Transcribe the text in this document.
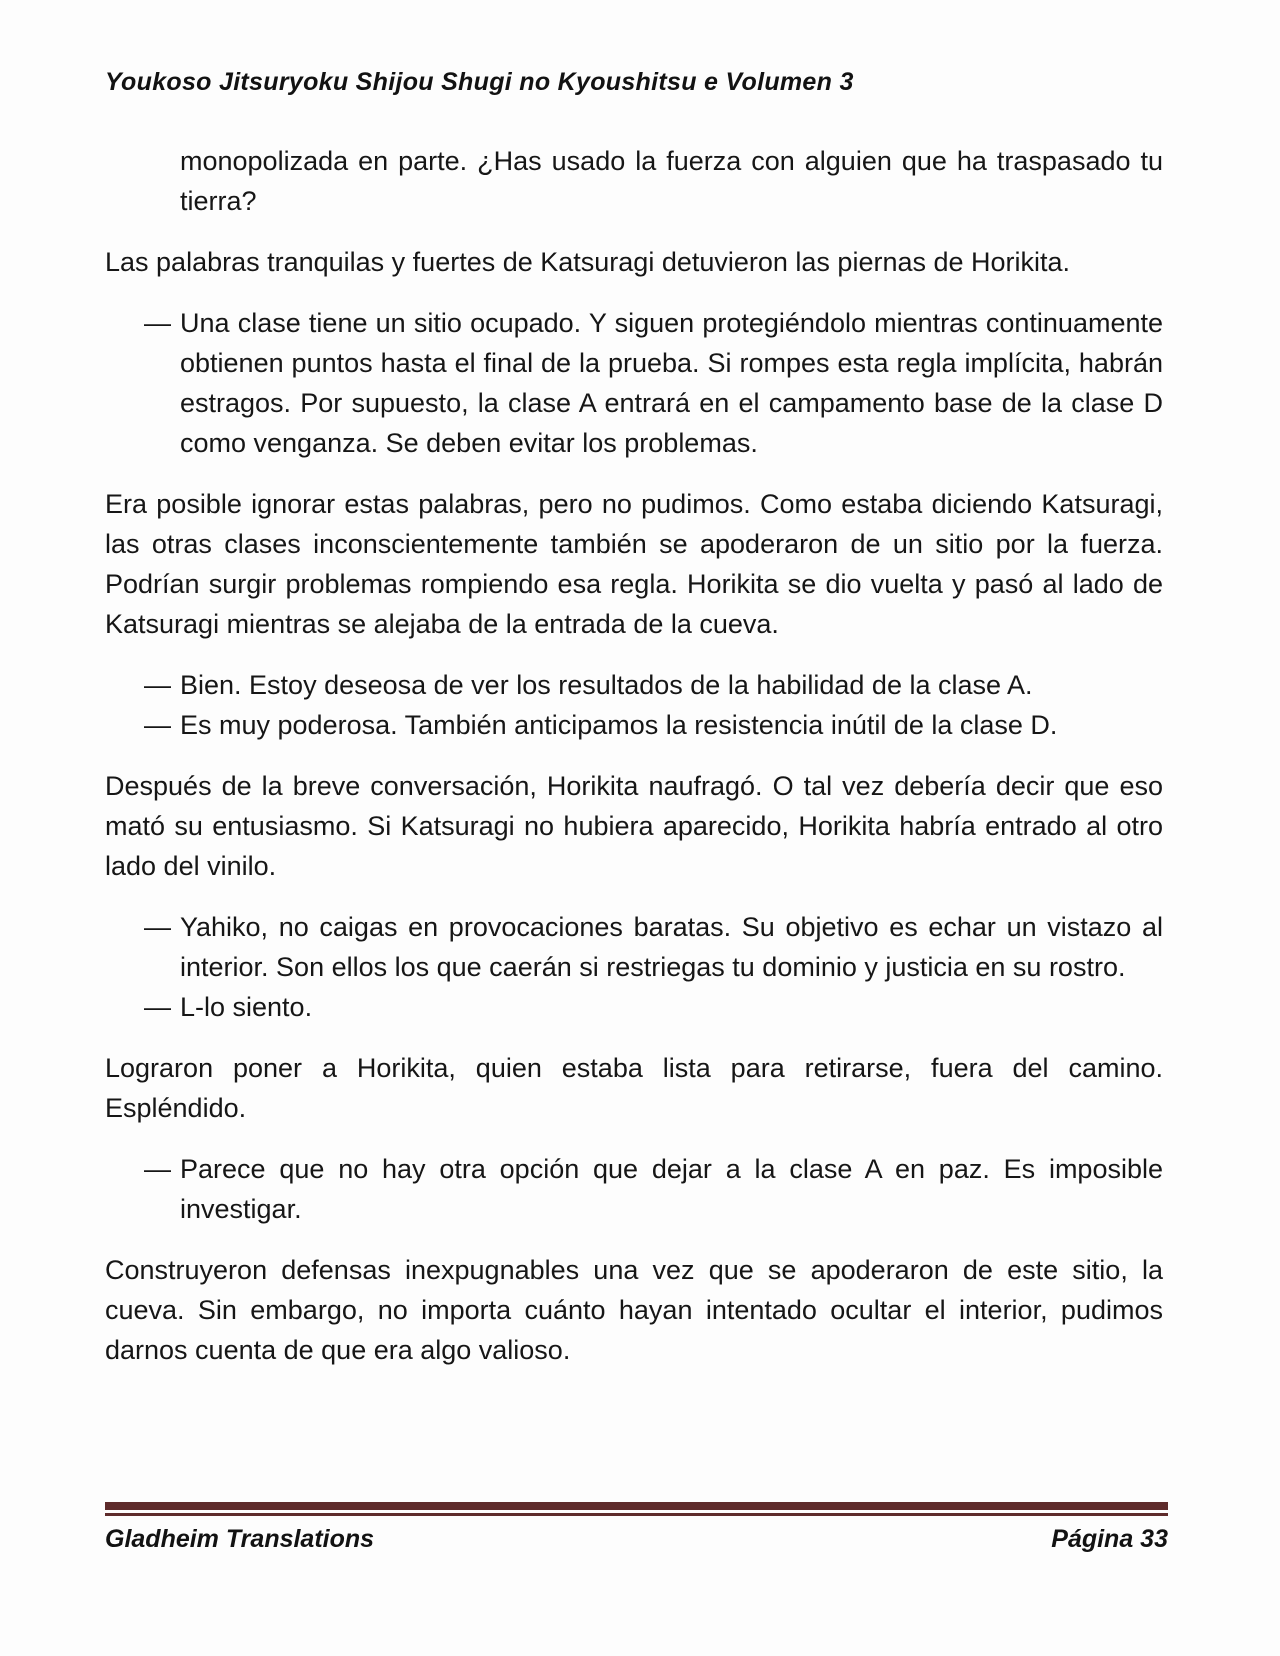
Youkoso Jitsuryoku Shijou Shugi no Kyoushitsu e Volumen 3
monopolizada en parte. ¿Has usado la fuerza con alguien que ha traspasado tu tierra?
Las palabras tranquilas y fuertes de Katsuragi detuvieron las piernas de Horikita.
— Una clase tiene un sitio ocupado. Y siguen protegiéndolo mientras continuamente obtienen puntos hasta el final de la prueba. Si rompes esta regla implícita, habrán estragos. Por supuesto, la clase A entrará en el campamento base de la clase D como venganza. Se deben evitar los problemas.
Era posible ignorar estas palabras, pero no pudimos. Como estaba diciendo Katsuragi, las otras clases inconscientemente también se apoderaron de un sitio por la fuerza. Podrían surgir problemas rompiendo esa regla. Horikita se dio vuelta y pasó al lado de Katsuragi mientras se alejaba de la entrada de la cueva.
— Bien. Estoy deseosa de ver los resultados de la habilidad de la clase A.
— Es muy poderosa. También anticipamos la resistencia inútil de la clase D.
Después de la breve conversación, Horikita naufragó. O tal vez debería decir que eso mató su entusiasmo. Si Katsuragi no hubiera aparecido, Horikita habría entrado al otro lado del vinilo.
— Yahiko, no caigas en provocaciones baratas. Su objetivo es echar un vistazo al interior. Son ellos los que caerán si restriegas tu dominio y justicia en su rostro.
— L-lo siento.
Lograron poner a Horikita, quien estaba lista para retirarse, fuera del camino. Espléndido.
— Parece que no hay otra opción que dejar a la clase A en paz. Es imposible investigar.
Construyeron defensas inexpugnables una vez que se apoderaron de este sitio, la cueva. Sin embargo, no importa cuánto hayan intentado ocultar el interior, pudimos darnos cuenta de que era algo valioso.
Gladheim Translations	Página 33
